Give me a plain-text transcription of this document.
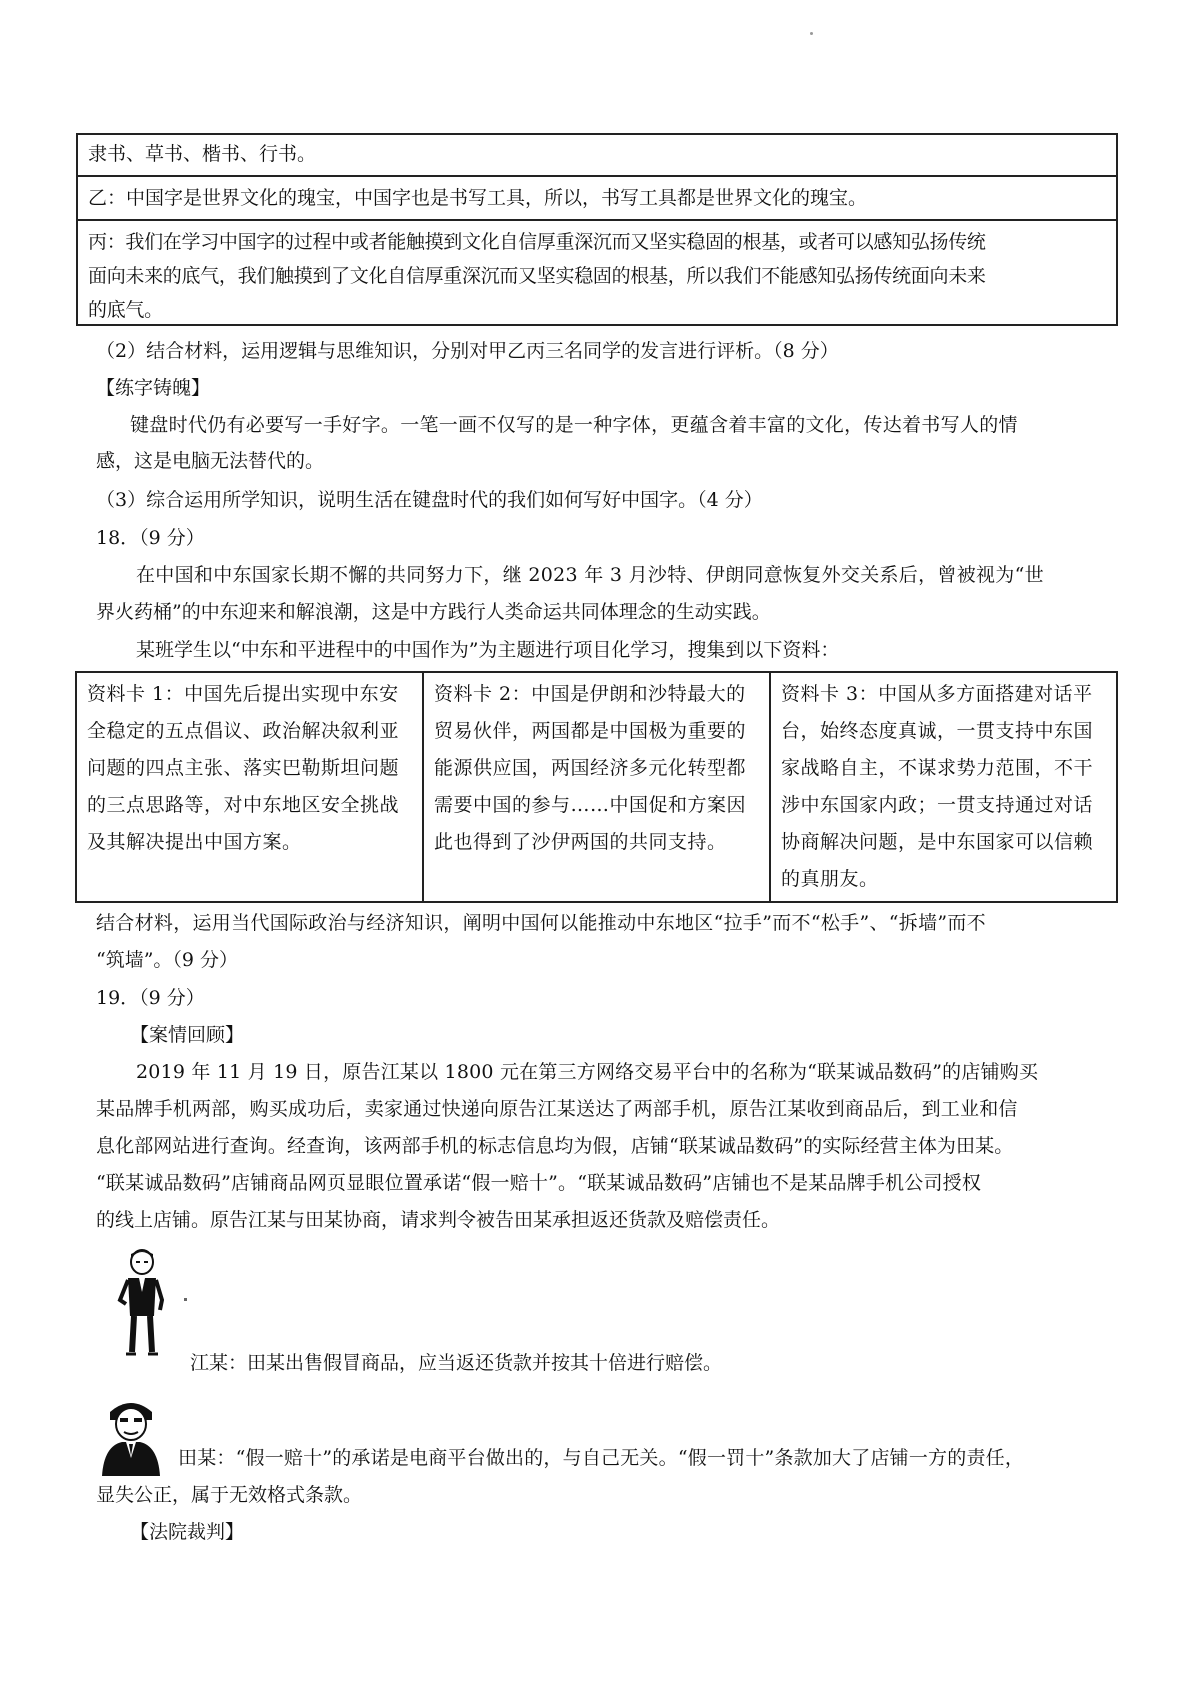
隶书、草书、楷书、行书。
乙：中国字是世界文化的瑰宝，中国字也是书写工具，所以，书写工具都是世界文化的瑰宝。
丙：我们在学习中国字的过程中或者能触摸到文化自信厚重深沉而又坚实稳固的根基，或者可以感知弘扬传统
面向未来的底气，我们触摸到了文化自信厚重深沉而又坚实稳固的根基，所以我们不能感知弘扬传统面向未来
的底气。
（2）结合材料，运用逻辑与思维知识，分别对甲乙丙三名同学的发言进行评析。（8 分）
【练字铸魄】
键盘时代仍有必要写一手好字。一笔一画不仅写的是一种字体，更蕴含着丰富的文化，传达着书写人的情
感，这是电脑无法替代的。
（3）综合运用所学知识，说明生活在键盘时代的我们如何写好中国字。（4 分）
18．（9 分）
在中国和中东国家长期不懈的共同努力下，继 2023 年 3 月沙特、伊朗同意恢复外交关系后，曾被视为“世
界火药桶”的中东迎来和解浪潮，这是中方践行人类命运共同体理念的生动实践。
某班学生以“中东和平进程中的中国作为”为主题进行项目化学习，搜集到以下资料：
资料卡 1：中国先后提出实现中东安全稳定的五点倡议、政治解决叙利亚问题的四点主张、落实巴勒斯坦问题的三点思路等，对中东地区安全挑战及其解决提出中国方案。
资料卡 2：中国是伊朗和沙特最大的贸易伙伴，两国都是中国极为重要的能源供应国，两国经济多元化转型都需要中国的参与……中国促和方案因此也得到了沙伊两国的共同支持。
资料卡 3：中国从多方面搭建对话平台，始终态度真诚，一贯支持中东国家战略自主，不谋求势力范围，不干涉中东国家内政；一贯支持通过对话协商解决问题，是中东国家可以信赖的真朋友。
结合材料，运用当代国际政治与经济知识，阐明中国何以能推动中东地区“拉手”而不“松手”、“拆墙”而不
“筑墙”。（9 分）
19．（9 分）
【案情回顾】
2019 年 11 月 19 日，原告江某以 1800 元在第三方网络交易平台中的名称为“联某诚品数码”的店铺购买
某品牌手机两部，购买成功后，卖家通过快递向原告江某送达了两部手机，原告江某收到商品后，到工业和信
息化部网站进行查询。经查询，该两部手机的标志信息均为假，店铺“联某诚品数码”的实际经营主体为田某。
“联某诚品数码”店铺商品网页显眼位置承诺“假一赔十”。“联某诚品数码”店铺也不是某品牌手机公司授权
的线上店铺。原告江某与田某协商，请求判令被告田某承担返还货款及赔偿责任。
江某：田某出售假冒商品，应当返还货款并按其十倍进行赔偿。
田某：“假一赔十”的承诺是电商平台做出的，与自己无关。“假一罚十”条款加大了店铺一方的责任，
显失公正，属于无效格式条款。
【法院裁判】
